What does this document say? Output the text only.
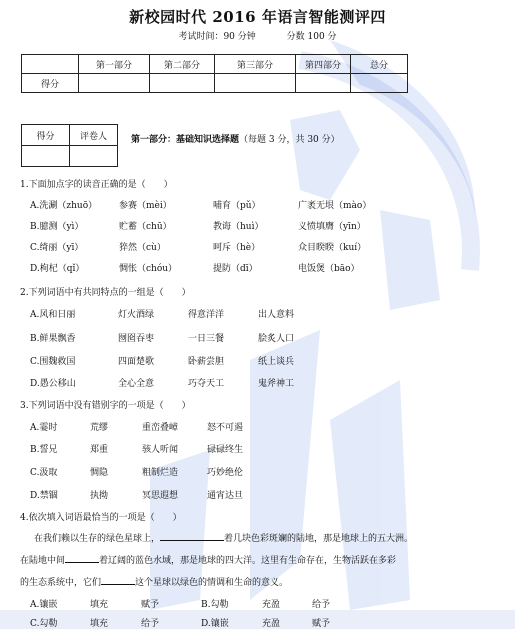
新校园时代 2016 年语言智能测评四
考试时间：90 分钟	分数 100 分
	第一部分	第二部分	第三部分	第四部分	总分
得分					
得分	评卷人
		第一部分：基础知识选择题（每题 3 分，共 30 分）
1.下面加点字的读音正确的是（　　）
A.洗涮（zhuō） 参赛（mèi）	哺育（pǔ）	广袤无垠（mào）
B.臆测（yì）	贮蓄（chū）	教诲（huì）	义愤填膺（yīn）
C.绮丽（yī）	猝然（cù）	呵斥（hè）	众目睽睽（kuí）
D.枸杞（qǐ）	惆怅（chóu）	提防（dī）	电饭煲（bāo）
2.下列词语中有共同特点的一组是（　　）
A.风和日丽	灯火酒绿	得意洋洋	出人意料
B.鲜果飘香	囫囵吞枣	一日三餐	脍炙人口
C.围魏救国	四面楚歌	卧薪尝胆	纸上谈兵
D.愚公移山	全心全意	巧夺天工	鬼斧神工
3.下列词语中没有错别字的一项是（　　）
A.霎时	荒缪	重峦叠嶂	怒不可遏
B.誓兄	郑重	骇人听闻	碌碌终生
C.汲取	惆隐	粗制烂造	巧妙绝伦
D.禁锢	执拗	冥思遐想	通宵达旦
4.依次填入词语最恰当的一项是（　　）
在我们赖以生存的绿色星球上，	着几块色彩斑斓的陆地，那是地球上的五大洲。
在陆地中间	着辽阔的蓝色水域，那是地球的四大洋。这里有生命存在，生物活跃在多彩
的生态系统中，它们	这个星球以绿色的情调和生命的意义。
A.镶嵌	填充	赋予	B.勾勒	充盈	给予
C.勾勒	填充	给予	D.镶嵌	充盈	赋予
